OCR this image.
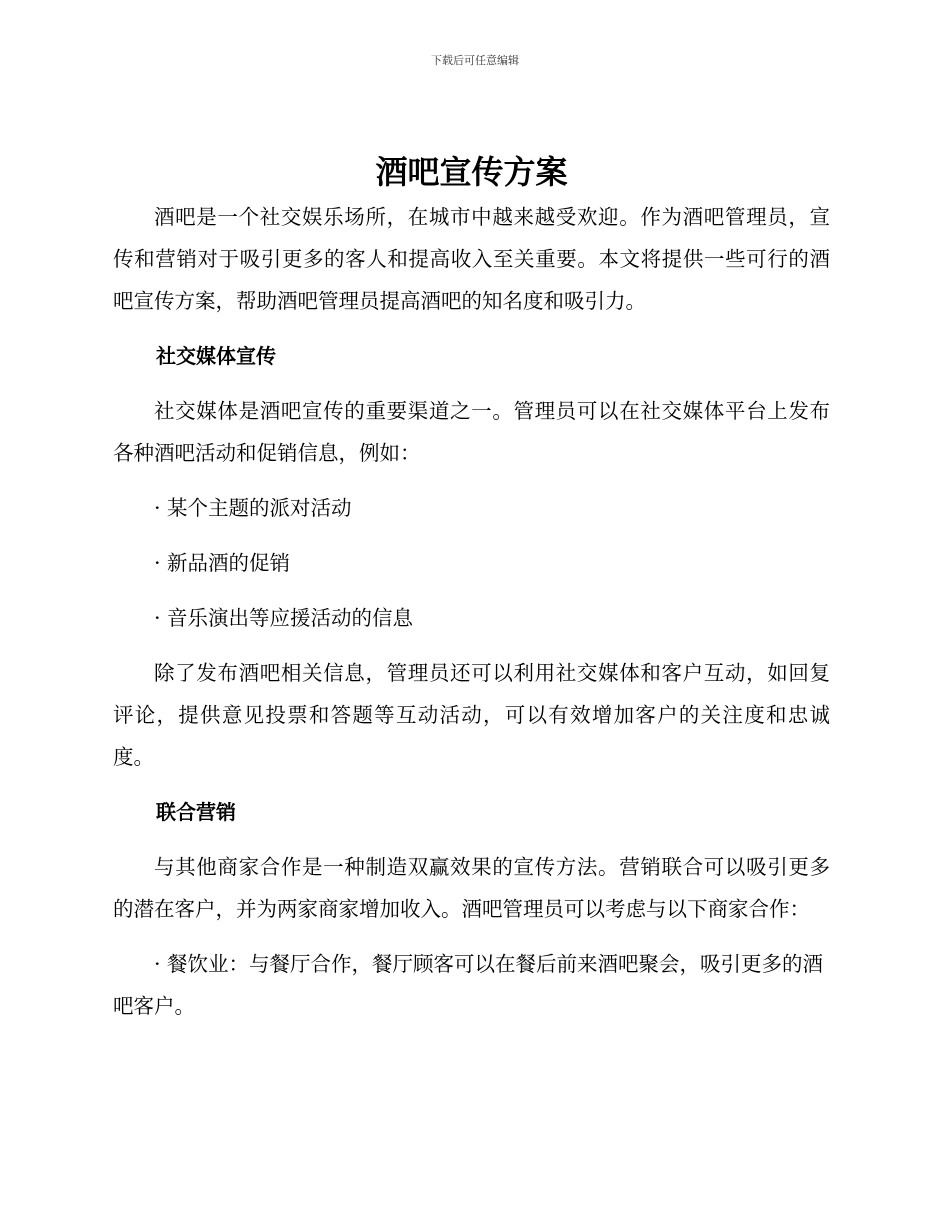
下载后可任意编辑
酒吧宣传方案

酒吧是一个社交娱乐场所，在城市中越来越受欢迎。作为酒吧管理员，宣传和营销对于吸引更多的客人和提高收入至关重要。本文将提供一些可行的酒吧宣传方案，帮助酒吧管理员提高酒吧的知名度和吸引力。

社交媒体宣传

社交媒体是酒吧宣传的重要渠道之一。管理员可以在社交媒体平台上发布各种酒吧活动和促销信息，例如：

· 某个主题的派对活动

· 新品酒的促销

· 音乐演出等应援活动的信息

除了发布酒吧相关信息，管理员还可以利用社交媒体和客户互动，如回复评论，提供意见投票和答题等互动活动，可以有效增加客户的关注度和忠诚度。

联合营销

与其他商家合作是一种制造双赢效果的宣传方法。营销联合可以吸引更多的潜在客户，并为两家商家增加收入。酒吧管理员可以考虑与以下商家合作：

· 餐饮业：与餐厅合作，餐厅顾客可以在餐后前来酒吧聚会，吸引更多的酒吧客户。
